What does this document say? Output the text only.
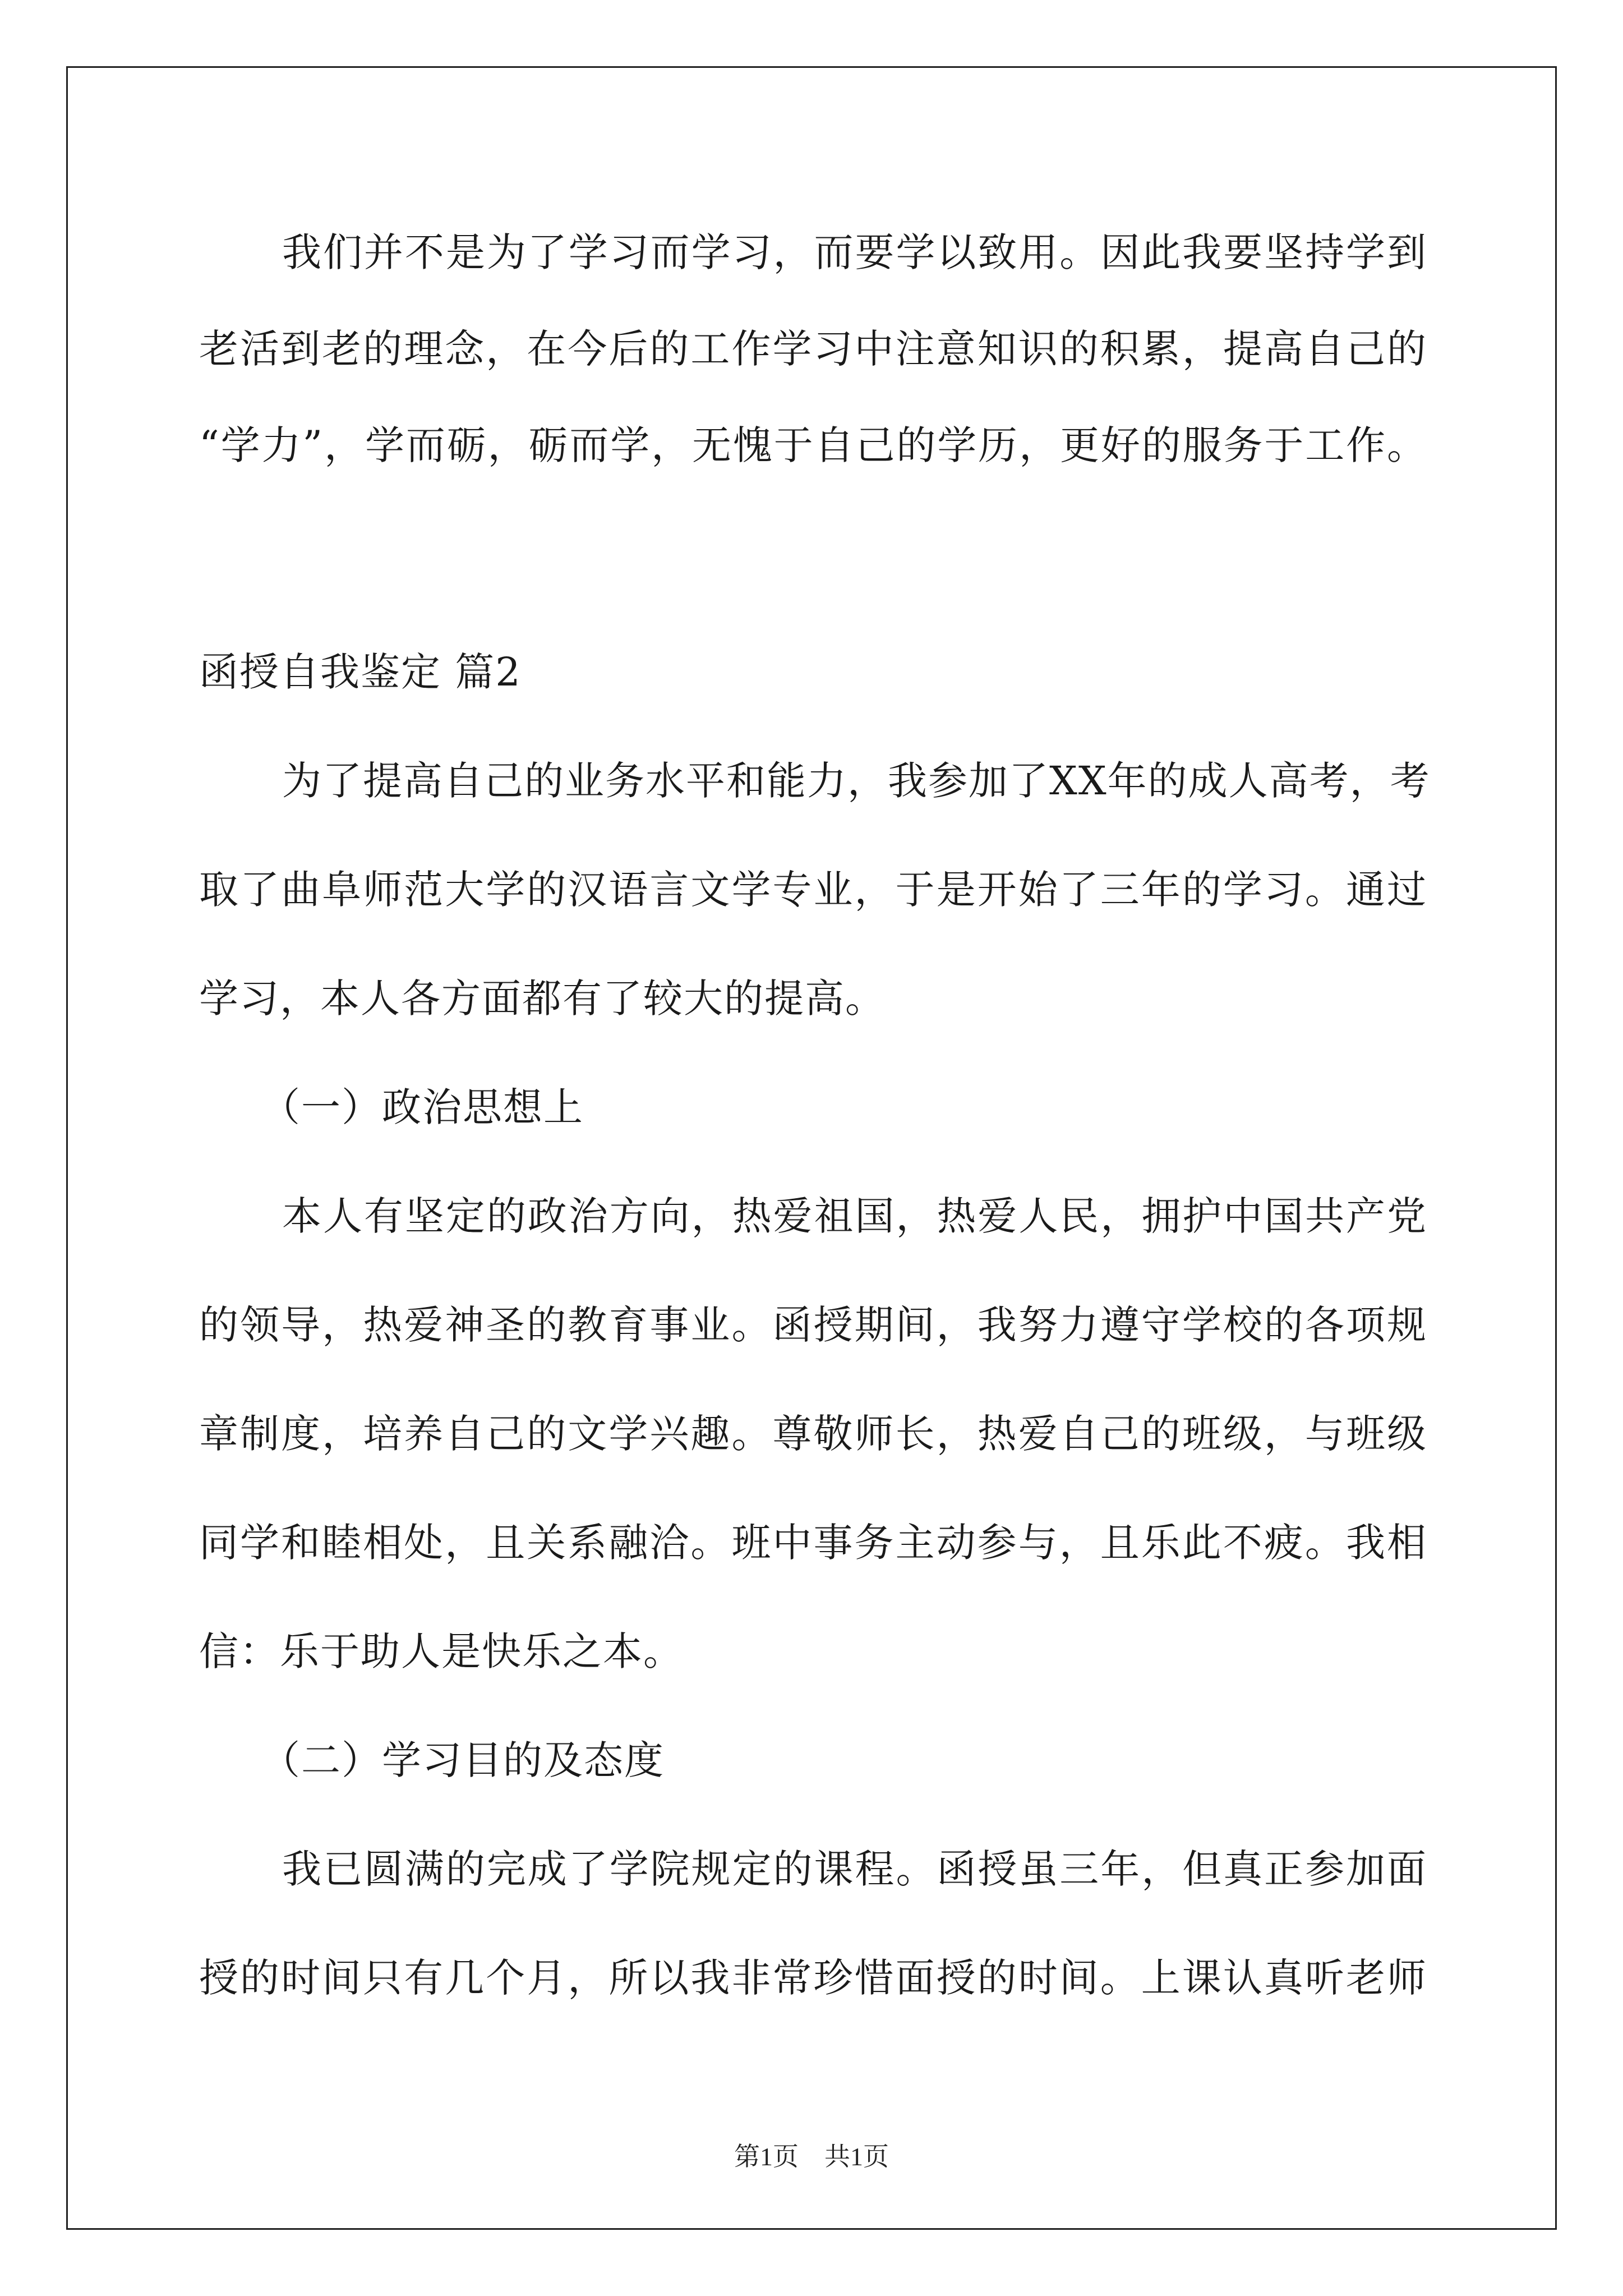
我们并不是为了学习而学习，而要学以致用。因此我要坚持学到
老活到老的理念，在今后的工作学习中注意知识的积累，提高自己的
“学力”，学而砺，砺而学，无愧于自己的学历，更好的服务于工作。
函授自我鉴定 篇2
为了提高自己的业务水平和能力，我参加了XX年的成人高考，考
取了曲阜师范大学的汉语言文学专业，于是开始了三年的学习。通过
学习，本人各方面都有了较大的提高。
（一）政治思想上
本人有坚定的政治方向，热爱祖国，热爱人民，拥护中国共产党
的领导，热爱神圣的教育事业。函授期间，我努力遵守学校的各项规
章制度，培养自己的文学兴趣。尊敬师长，热爱自己的班级，与班级
同学和睦相处，且关系融洽。班中事务主动参与，且乐此不疲。我相
信：乐于助人是快乐之本。
（二）学习目的及态度
我已圆满的完成了学院规定的课程。函授虽三年，但真正参加面
授的时间只有几个月，所以我非常珍惜面授的时间。上课认真听老师
第1页　共1页
